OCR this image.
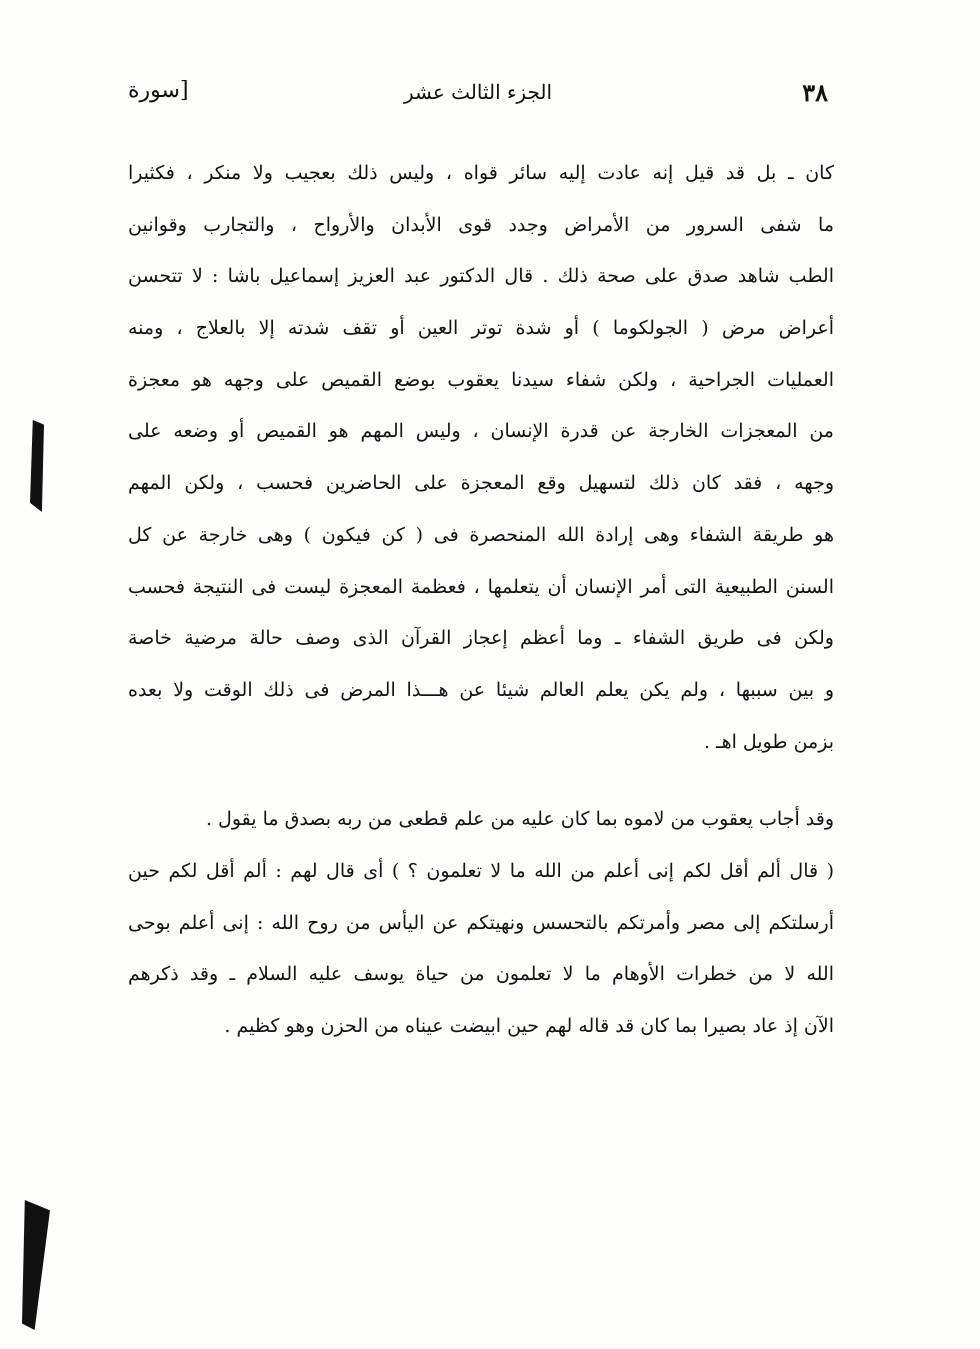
٣٨
الجزء الثالث عشر
[سورة
كان ـ بل قد قيل إنه عادت إليه سائر قواه ، وليس ذلك بعجيب ولا منكر ، فكثيرا
ما شفى السرور من الأمراض وجدد قوى الأبدان والأرواح ، والتجارب وقوانين
الطب شاهد صدق على صحة ذلك . قال الدكتور عبد العزيز إسماعيل باشا : لا تتحسن
أعراض مرض ( الجولكوما ) أو شدة توتر العين أو تقف شدته إلا بالعلاج ، ومنه
العمليات الجراحية ، ولكن شفاء سيدنا يعقوب بوضع القميص على وجهه هو معجزة
من المعجزات الخارجة عن قدرة الإنسان ، وليس المهم هو القميص أو وضعه على
وجهه ، فقد كان ذلك لتسهيل وقع المعجزة على الحاضرين فحسب ، ولكن المهم
هو طريقة الشفاء وهى إرادة الله المنحصرة فى ( كن فيكون ) وهى خارجة عن كل
السنن الطبيعية التى أمر الإنسان أن يتعلمها ، فعظمة المعجزة ليست فى النتيجة فحسب
ولكن فى طريق الشفاء ـ وما أعظم إعجاز القرآن الذى وصف حالة مرضية خاصة
و بين سببها ، ولم يكن يعلم العالم شيئا عن هـــذا المرض فى ذلك الوقت ولا بعده
بزمن طويل اهـ .
وقد أجاب يعقوب من لاموه بما كان عليه من علم قطعى من ربه بصدق ما يقول .
( قال ألم أقل لكم إنى أعلم من الله ما لا تعلمون ؟ ) أى قال لهم : ألم أقل لكم حين
أرسلتكم إلى مصر وأمرتكم بالتحسس ونهيتكم عن اليأس من روح الله : إنى أعلم بوحى
الله لا من خطرات الأوهام ما لا تعلمون من حياة يوسف عليه السلام ـ وقد ذكرهم
الآن إذ عاد بصيرا بما كان قد قاله لهم حين ابيضت عيناه من الحزن وهو كظيم .
